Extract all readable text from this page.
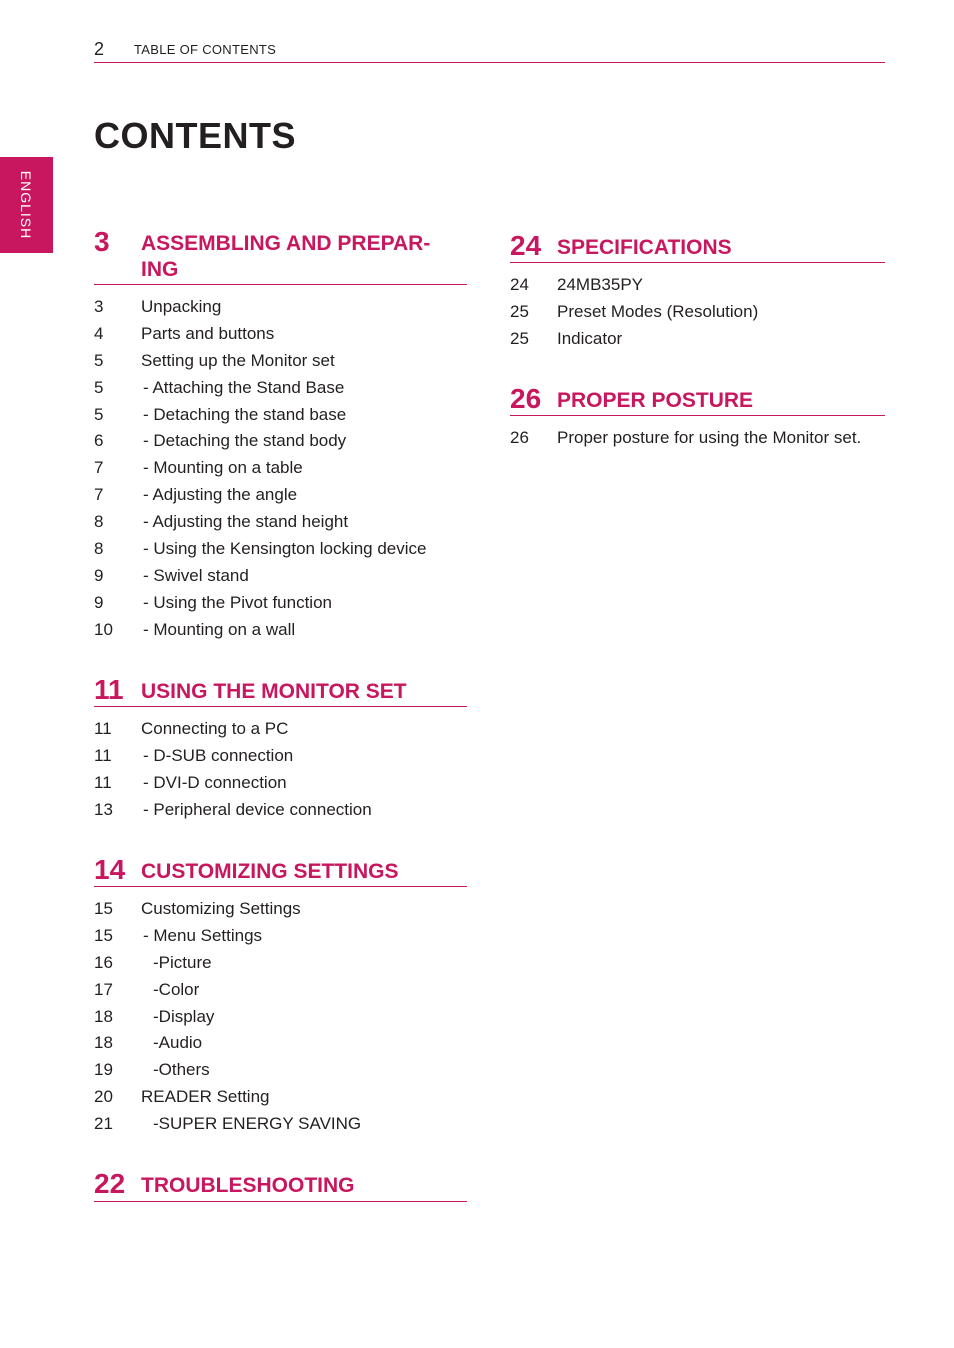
2 TABLE OF CONTENTS
ENGLISH
CONTENTS
3 ASSEMBLING AND PREPAR-
ING
3 Unpacking
4 Parts and buttons
5 Setting up the Monitor set
5 - Attaching the Stand Base
5 - Detaching the stand base
6 - Detaching the stand body
7 - Mounting on a table
7 - Adjusting the angle
8 - Adjusting the stand height
8 - Using the Kensington locking device
9 - Swivel stand
9 - Using the Pivot function
10 - Mounting on a wall
11 USING THE MONITOR SET
11 Connecting to a PC
11 - D-SUB connection
11 - DVI-D connection
13 - Peripheral device connection
14 CUSTOMIZING SETTINGS
15 Customizing Settings
15 - Menu Settings
16 -Picture
17 -Color
18 -Display
18 -Audio
19 -Others
20 READER Setting
21 -SUPER ENERGY SAVING
22 TROUBLESHOOTING
24 SPECIFICATIONS
24 24MB35PY
25 Preset Modes (Resolution)
25 Indicator
26 PROPER POSTURE
26 Proper posture for using the Monitor set.
